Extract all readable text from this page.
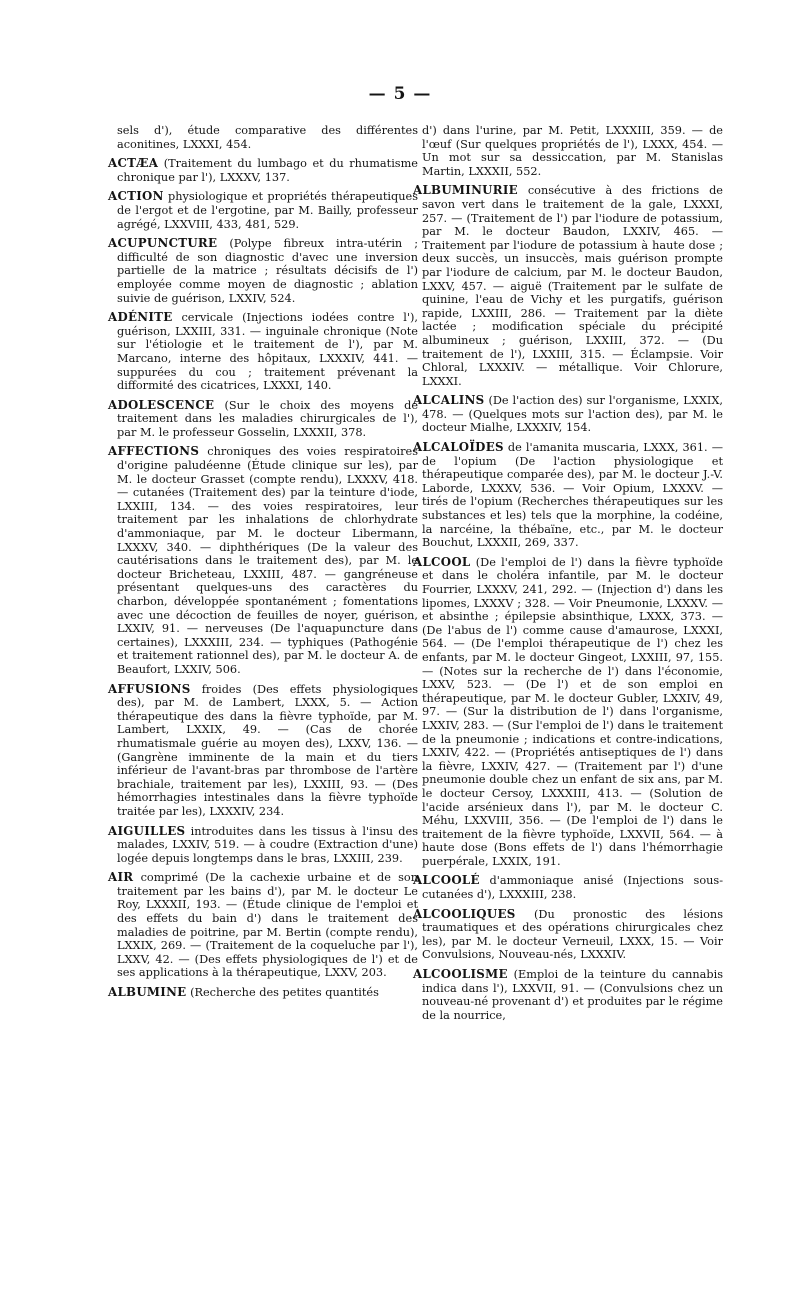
— 5 —

sels d'), étude comparative des différentes aconitines, LXXXI, 454.

ACTÆA (Traitement du lumbago et du rhumatisme chronique par l'), LXXXV, 137.

ACTION physiologique et propriétés thérapeutiques de l'ergot et de l'ergotine, par M. Bailly, professeur agrégé, LXXVIII, 433, 481, 529.

ACUPUNCTURE (Polype fibreux intra-utérin ; difficulté de son diagnostic d'avec une inversion partielle de la matrice ; résultats décisifs de l') employée comme moyen de diagnostic ; ablation suivie de guérison, LXXIV, 524.

ADÉNITE cervicale (Injections iodées contre l'), guérison, LXXIII, 331. — inguinale chronique (Note sur l'étiologie et le traitement de l'), par M. Marcano, interne des hôpitaux, LXXXIV, 441. — suppurées du cou ; traitement prévenant la difformité des cicatrices, LXXXI, 140.

ADOLESCENCE (Sur le choix des moyens de traitement dans les maladies chirurgicales de l'), par M. le professeur Gosselin, LXXXII, 378.

AFFECTIONS chroniques des voies respiratoires d'origine paludéenne (Étude clinique sur les), par M. le docteur Grasset (compte rendu), LXXXV, 418. — cutanées (Traitement des) par la teinture d'iode, LXXIII, 134. — des voies respiratoires, leur traitement par les inhalations de chlorhydrate d'ammoniaque, par M. le docteur Libermann, LXXXV, 340. — diphthériques (De la valeur des cautérisations dans le traitement des), par M. le docteur Bricheteau, LXXIII, 487. — gangréneuse présentant quelques-uns des caractères du charbon, développée spontanément ; fomentations avec une décoction de feuilles de noyer, guérison, LXXIV, 91. — nerveuses (De l'aquapuncture dans certaines), LXXXIII, 234. — typhiques (Pathogénie et traitement rationnel des), par M. le docteur A. de Beaufort, LXXIV, 506.

AFFUSIONS froides (Des effets physiologiques des), par M. de Lambert, LXXX, 5. — Action thérapeutique des dans la fièvre typhoïde, par M. Lambert, LXXIX, 49. — (Cas de chorée rhumatismale guérie au moyen des), LXXV, 136. — (Gangrène imminente de la main et du tiers inférieur de l'avant-bras par thrombose de l'artère brachiale, traitement par les), LXXIII, 93. — (Des hémorrhagies intestinales dans la fièvre typhoïde traitée par les), LXXXIV, 234.

AIGUILLES introduites dans les tissus à l'insu des malades, LXXIV, 519. — à coudre (Extraction d'une) logée depuis longtemps dans le bras, LXXIII, 239.

AIR comprimé (De la cachexie urbaine et de son traitement par les bains d'), par M. le docteur Le Roy, LXXXII, 193. — (Étude clinique de l'emploi et des effets du bain d') dans le traitement des maladies de poitrine, par M. Bertin (compte rendu), LXXIX, 269. — (Traitement de la coqueluche par l'), LXXV, 42. — (Des effets physiologiques de l') et de ses applications à la thérapeutique, LXXV, 203.

ALBUMINE (Recherche des petites quantités

d') dans l'urine, par M. Petit, LXXXIII, 359. — de l'œuf (Sur quelques propriétés de l'), LXXX, 454. — Un mot sur sa dessiccation, par M. Stanislas Martin, LXXXII, 552.

ALBUMINURIE consécutive à des frictions de savon vert dans le traitement de la gale, LXXXI, 257. — (Traitement de l') par l'iodure de potassium, par M. le docteur Baudon, LXXIV, 465. — Traitement par l'iodure de potassium à haute dose ; deux succès, un insuccès, mais guérison prompte par l'iodure de calcium, par M. le docteur Baudon, LXXV, 457. — aiguë (Traitement par le sulfate de quinine, l'eau de Vichy et les purgatifs, guérison rapide, LXXIII, 286. — Traitement par la diète lactée ; modification spéciale du précipité albumineux ; guérison, LXXIII, 372. — (Du traitement de l'), LXXIII, 315. — Éclampsie. Voir Chloral, LXXXIV. — métallique. Voir Chlorure, LXXXI.

ALCALINS (De l'action des) sur l'organisme, LXXIX, 478. — (Quelques mots sur l'action des), par M. le docteur Mialhe, LXXXIV, 154.

ALCALOÏDES de l'amanita muscaria, LXXX, 361. — de l'opium (De l'action physiologique et thérapeutique comparée des), par M. le docteur J.-V. Laborde, LXXXV, 536. — Voir Opium, LXXXV. — tirés de l'opium (Recherches thérapeutiques sur les substances et les) tels que la morphine, la codéine, la narcéine, la thébaïne, etc., par M. le docteur Bouchut, LXXXII, 269, 337.

ALCOOL (De l'emploi de l') dans la fièvre typhoïde et dans le choléra infantile, par M. le docteur Fourrier, LXXXV, 241, 292. — (Injection d') dans les lipomes, LXXXV ; 328. — Voir Pneumonie, LXXXV. — et absinthe ; épilepsie absinthique, LXXX, 373. — (De l'abus de l') comme cause d'amaurose, LXXXI, 564. — (De l'emploi thérapeutique de l') chez les enfants, par M. le docteur Gingeot, LXXIII, 97, 155. — (Notes sur la recherche de l') dans l'économie, LXXV, 523. — (De l') et de son emploi en thérapeutique, par M. le docteur Gubler, LXXIV, 49, 97. — (Sur la distribution de l') dans l'organisme, LXXIV, 283. — (Sur l'emploi de l') dans le traitement de la pneumonie ; indications et contre-indications, LXXIV, 422. — (Propriétés antiseptiques de l') dans la fièvre, LXXIV, 427. — (Traitement par l') d'une pneumonie double chez un enfant de six ans, par M. le docteur Cersoy, LXXXIII, 413. — (Solution de l'acide arsénieux dans l'), par M. le docteur C. Méhu, LXXVIII, 356. — (De l'emploi de l') dans le traitement de la fièvre typhoïde, LXXVII, 564. — à haute dose (Bons effets de l') dans l'hémorrhagie puerpérale, LXXIX, 191.

ALCOOLÉ d'ammoniaque anisé (Injections sous-cutanées d'), LXXXIII, 238.

ALCOOLIQUES (Du pronostic des lésions traumatiques et des opérations chirurgicales chez les), par M. le docteur Verneuil, LXXX, 15. — Voir Convulsions, Nouveau-nés, LXXXIV.

ALCOOLISME (Emploi de la teinture du cannabis indica dans l'), LXXVII, 91. — (Convulsions chez un nouveau-né provenant d') et produites par le régime de la nourrice,
